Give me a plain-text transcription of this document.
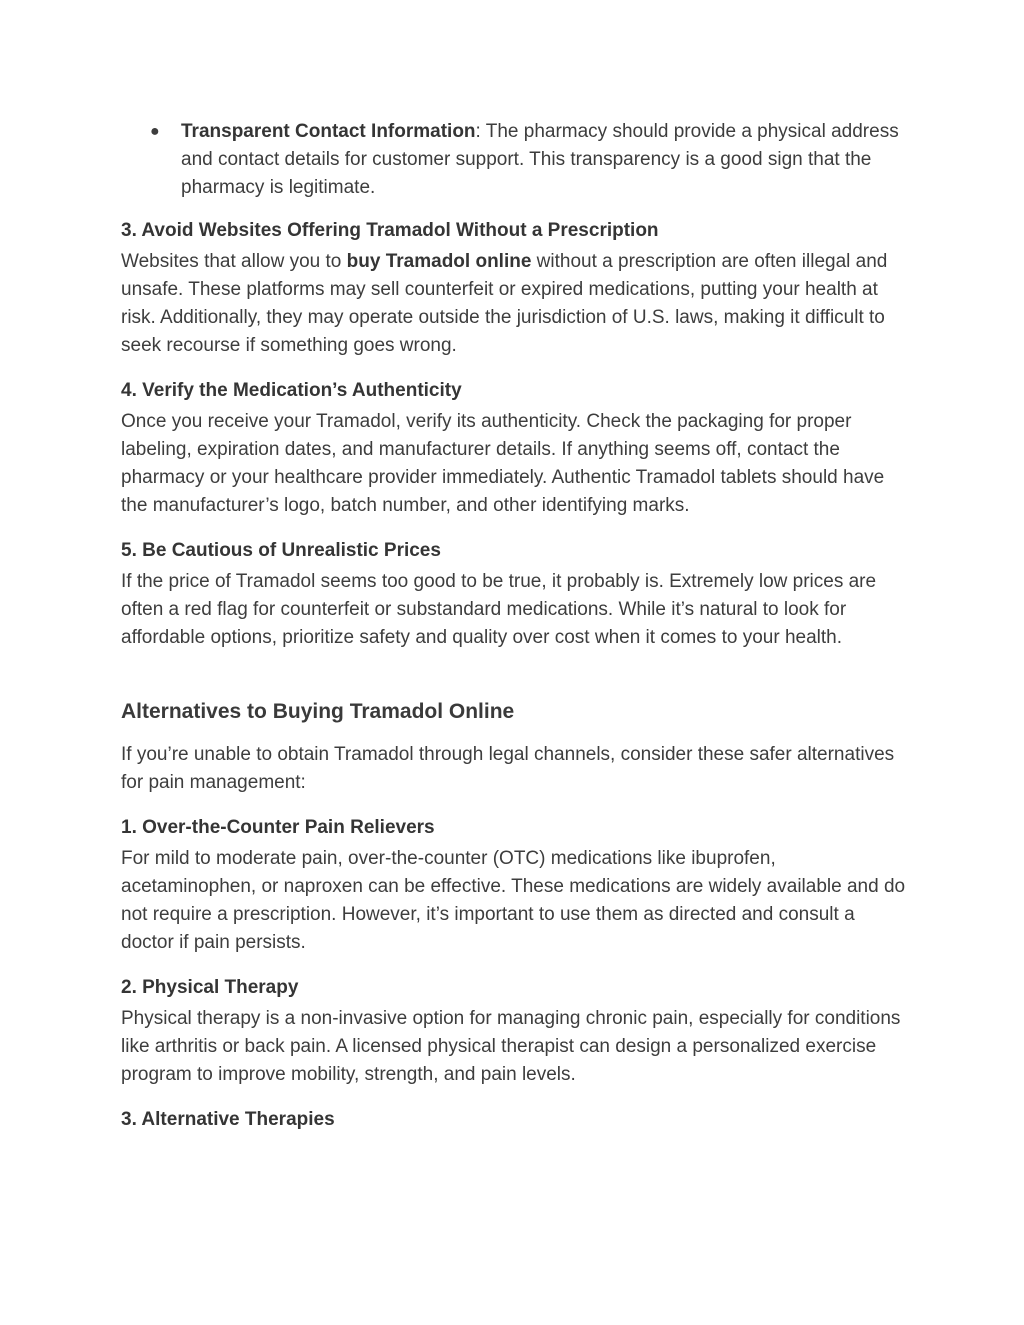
● Transparent Contact Information: The pharmacy should provide a physical address and contact details for customer support. This transparency is a good sign that the pharmacy is legitimate.
3. Avoid Websites Offering Tramadol Without a Prescription

Websites that allow you to buy Tramadol online without a prescription are often illegal and unsafe. These platforms may sell counterfeit or expired medications, putting your health at risk. Additionally, they may operate outside the jurisdiction of U.S. laws, making it difficult to seek recourse if something goes wrong.

4. Verify the Medication’s Authenticity

Once you receive your Tramadol, verify its authenticity. Check the packaging for proper labeling, expiration dates, and manufacturer details. If anything seems off, contact the pharmacy or your healthcare provider immediately. Authentic Tramadol tablets should have the manufacturer’s logo, batch number, and other identifying marks.

5. Be Cautious of Unrealistic Prices

If the price of Tramadol seems too good to be true, it probably is. Extremely low prices are often a red flag for counterfeit or substandard medications. While it’s natural to look for affordable options, prioritize safety and quality over cost when it comes to your health.

Alternatives to Buying Tramadol Online

If you’re unable to obtain Tramadol through legal channels, consider these safer alternatives for pain management:

1. Over-the-Counter Pain Relievers

For mild to moderate pain, over-the-counter (OTC) medications like ibuprofen, acetaminophen, or naproxen can be effective. These medications are widely available and do not require a prescription. However, it’s important to use them as directed and consult a doctor if pain persists.

2. Physical Therapy

Physical therapy is a non-invasive option for managing chronic pain, especially for conditions like arthritis or back pain. A licensed physical therapist can design a personalized exercise program to improve mobility, strength, and pain levels.

3. Alternative Therapies
